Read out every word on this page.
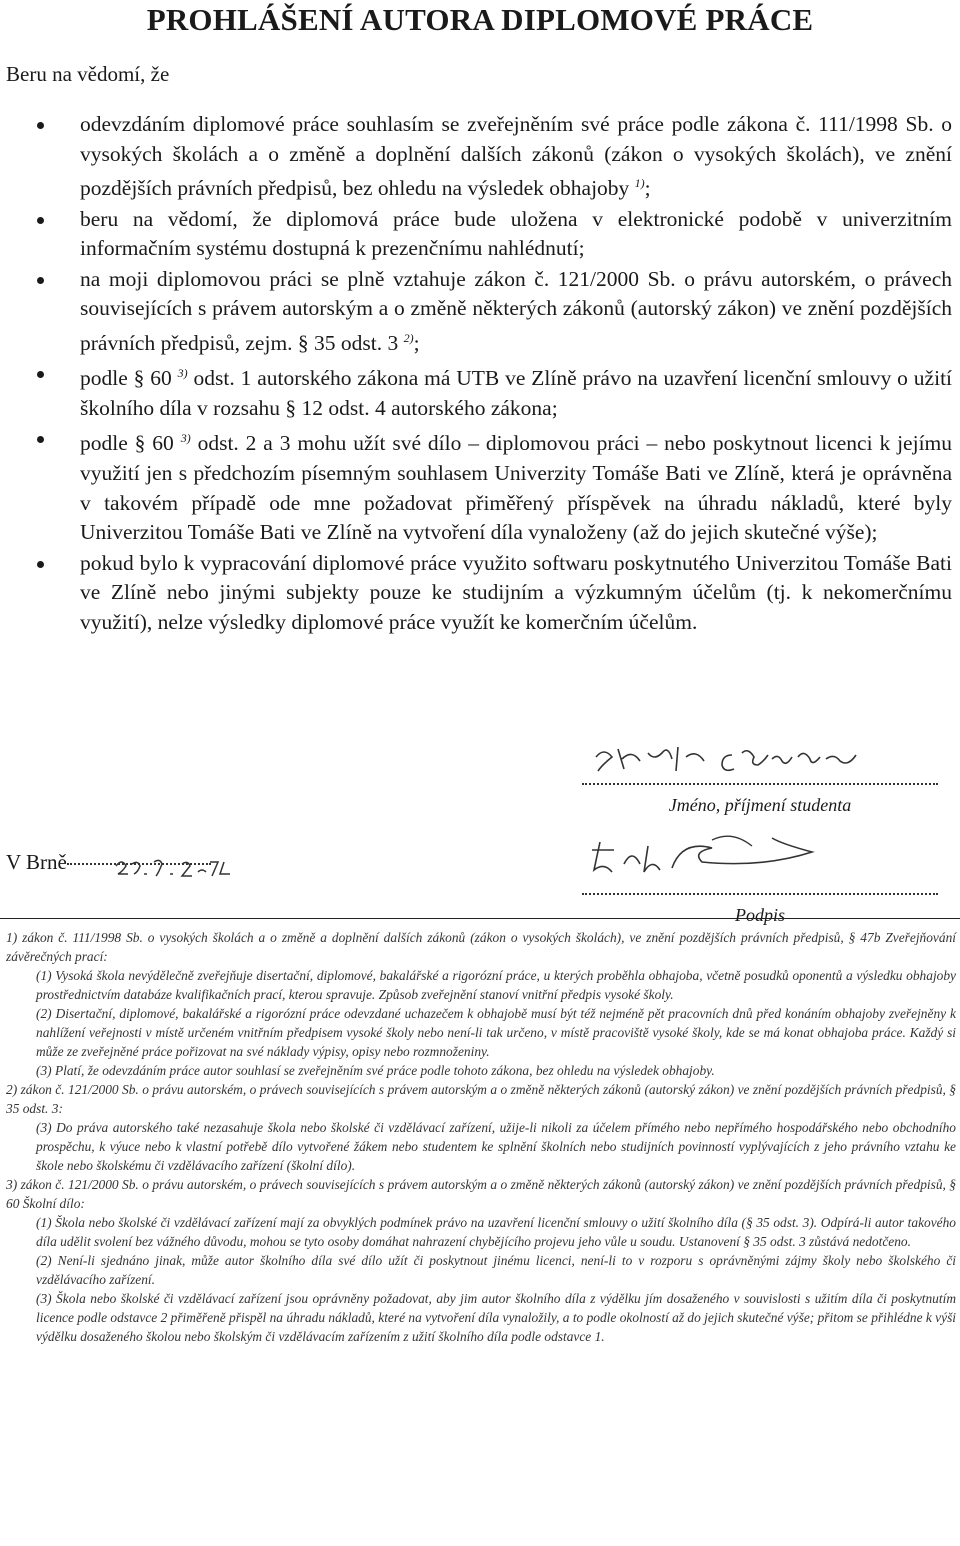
PROHLÁŠENÍ AUTORA DIPLOMOVÉ PRÁCE
Beru na vědomí, že
odevzdáním diplomové práce souhlasím se zveřejněním své práce podle zákona č. 111/1998 Sb. o vysokých školách a o změně a doplnění dalších zákonů (zákon o vysokých školách), ve znění pozdějších právních předpisů, bez ohledu na výsledek obhajoby $^{1)}$;
beru na vědomí, že diplomová práce bude uložena v elektronické podobě v univerzitním informačním systému dostupná k prezenčnímu nahlédnutí;
na moji diplomovou práci se plně vztahuje zákon č. 121/2000 Sb. o právu autorském, o právech souvisejících s právem autorským a o změně některých zákonů (autorský zákon) ve znění pozdějších právních předpisů, zejm. § 35 odst. 3 $^{2)}$;
podle § 60 $^{3)}$ odst. 1 autorského zákona má UTB ve Zlíně právo na uzavření licenční smlouvy o užití školního díla v rozsahu § 12 odst. 4 autorského zákona;
podle § 60 $^{3)}$ odst. 2 a 3 mohu užít své dílo – diplomovou práci – nebo poskytnout licenci k jejímu využití jen s předchozím písemným souhlasem Univerzity Tomáše Bati ve Zlíně, která je oprávněna v takovém případě ode mne požadovat přiměřený příspěvek na úhradu nákladů, které byly Univerzitou Tomáše Bati ve Zlíně na vytvoření díla vynaloženy (až do jejich skutečné výše);
pokud bylo k vypracování diplomové práce využito softwaru poskytnutého Univerzitou Tomáše Bati ve Zlíně nebo jinými subjekty pouze ke studijním a výzkumným účelům (tj. k nekomerčnímu využití), nelze výsledky diplomové práce využít ke komerčním účelům.
Jméno, příjmení studenta
Podpis
V Brně

1) zákon č. 111/1998 Sb. o vysokých školách a o změně a doplnění dalších zákonů (zákon o vysokých školách), ve znění pozdějších právních předpisů, § 47b Zveřejňování závěrečných prací:

(1) Vysoká škola nevýdělečně zveřejňuje disertační, diplomové, bakalářské a rigorózní práce, u kterých proběhla obhajoba, včetně posudků oponentů a výsledku obhajoby prostřednictvím databáze kvalifikačních prací, kterou spravuje. Způsob zveřejnění stanoví vnitřní předpis vysoké školy.

(2) Disertační, diplomové, bakalářské a rigorózní práce odevzdané uchazečem k obhajobě musí být též nejméně pět pracovních dnů před konáním obhajoby zveřejněny k nahlížení veřejnosti v místě určeném vnitřním předpisem vysoké školy nebo není-li tak určeno, v místě pracoviště vysoké školy, kde se má konat obhajoba práce. Každý si může ze zveřejněné práce pořizovat na své náklady výpisy, opisy nebo rozmnoženiny.

(3) Platí, že odevzdáním práce autor souhlasí se zveřejněním své práce podle tohoto zákona, bez ohledu na výsledek obhajoby.

2) zákon č. 121/2000 Sb. o právu autorském, o právech souvisejících s právem autorským a o změně některých zákonů (autorský zákon) ve znění pozdějších právních předpisů, § 35 odst. 3:

(3) Do práva autorského také nezasahuje škola nebo školské či vzdělávací zařízení, užije-li nikoli za účelem přímého nebo nepřímého hospodářského nebo obchodního prospěchu, k výuce nebo k vlastní potřebě dílo vytvořené žákem nebo studentem ke splnění školních nebo studijních povinností vyplývajících z jeho právního vztahu ke škole nebo školskému či vzdělávacího zařízení (školní dílo).

3) zákon č. 121/2000 Sb. o právu autorském, o právech souvisejících s právem autorským a o změně některých zákonů (autorský zákon) ve znění pozdějších právních předpisů, § 60 Školní dílo:

(1) Škola nebo školské či vzdělávací zařízení mají za obvyklých podmínek právo na uzavření licenční smlouvy o užití školního díla (§ 35 odst. 3). Odpírá-li autor takového díla udělit svolení bez vážného důvodu, mohou se tyto osoby domáhat nahrazení chybějícího projevu jeho vůle u soudu. Ustanovení § 35 odst. 3 zůstává nedotčeno.

(2) Není-li sjednáno jinak, může autor školního díla své dílo užít či poskytnout jinému licenci, není-li to v rozporu s oprávněnými zájmy školy nebo školského či vzdělávacího zařízení.

(3) Škola nebo školské či vzdělávací zařízení jsou oprávněny požadovat, aby jim autor školního díla z výdělku jím dosaženého v souvislosti s užitím díla či poskytnutím licence podle odstavce 2 přiměřeně přispěl na úhradu nákladů, které na vytvoření díla vynaložily, a to podle okolností až do jejich skutečné výše; přitom se přihlédne k výši výdělku dosaženého školou nebo školským či vzdělávacím zařízením z užití školního díla podle odstavce 1.
